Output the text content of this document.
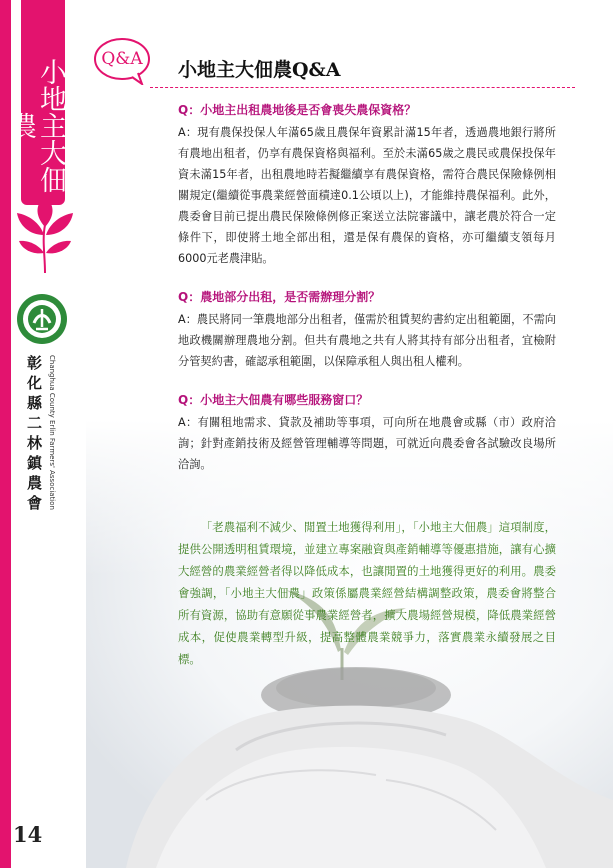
小地主大佃農
彰化縣二林鎮農會 Changhua County Erlin Farmers' Association
14
Q&A	小地主大佃農Q&A

Q：小地主出租農地後是否會喪失農保資格？

A：現有農保投保人年滿65歲且農保年資累計滿15年者，透過農地銀行將所有農地出租者，仍享有農保資格與福利。至於未滿65歲之農民或農保投保年資未滿15年者，出租農地時若擬繼續享有農保資格，需符合農民保險條例相關規定(繼續從事農業經營面積達0.1公頃以上)，才能維持農保福利。此外，農委會目前已提出農民保險條例修正案送立法院審議中，讓老農於符合一定條件下，即使將土地全部出租，還是保有農保的資格，亦可繼續支領每月6000元老農津貼。

Q：農地部分出租，是否需辦理分割？

A：農民將同一筆農地部分出租者，僅需於租賃契約書約定出租範圍，不需向地政機關辦理農地分割。但共有農地之共有人將其持有部分出租者，宜檢附分管契約書，確認承租範圍，以保障承租人與出租人權利。

Q：小地主大佃農有哪些服務窗口？

A：有關租地需求、貸款及補助等事項，可向所在地農會或縣（市）政府洽詢；針對產銷技術及經營管理輔導等問題，可就近向農委會各試驗改良場所洽詢。

「老農福利不減少、閒置土地獲得利用」，「小地主大佃農」這項制度，提供公開透明租賃環境，並建立專案融資與產銷輔導等優惠措施，讓有心擴大經營的農業經營者得以降低成本，也讓閒置的土地獲得更好的利用。農委會強調，「小地主大佃農」政策係屬農業經營結構調整政策，農委會將整合所有資源，協助有意願從事農業經營者，擴大農場經營規模，降低農業經營成本，促使農業轉型升級，提高整體農業競爭力，落實農業永續發展之目標。
